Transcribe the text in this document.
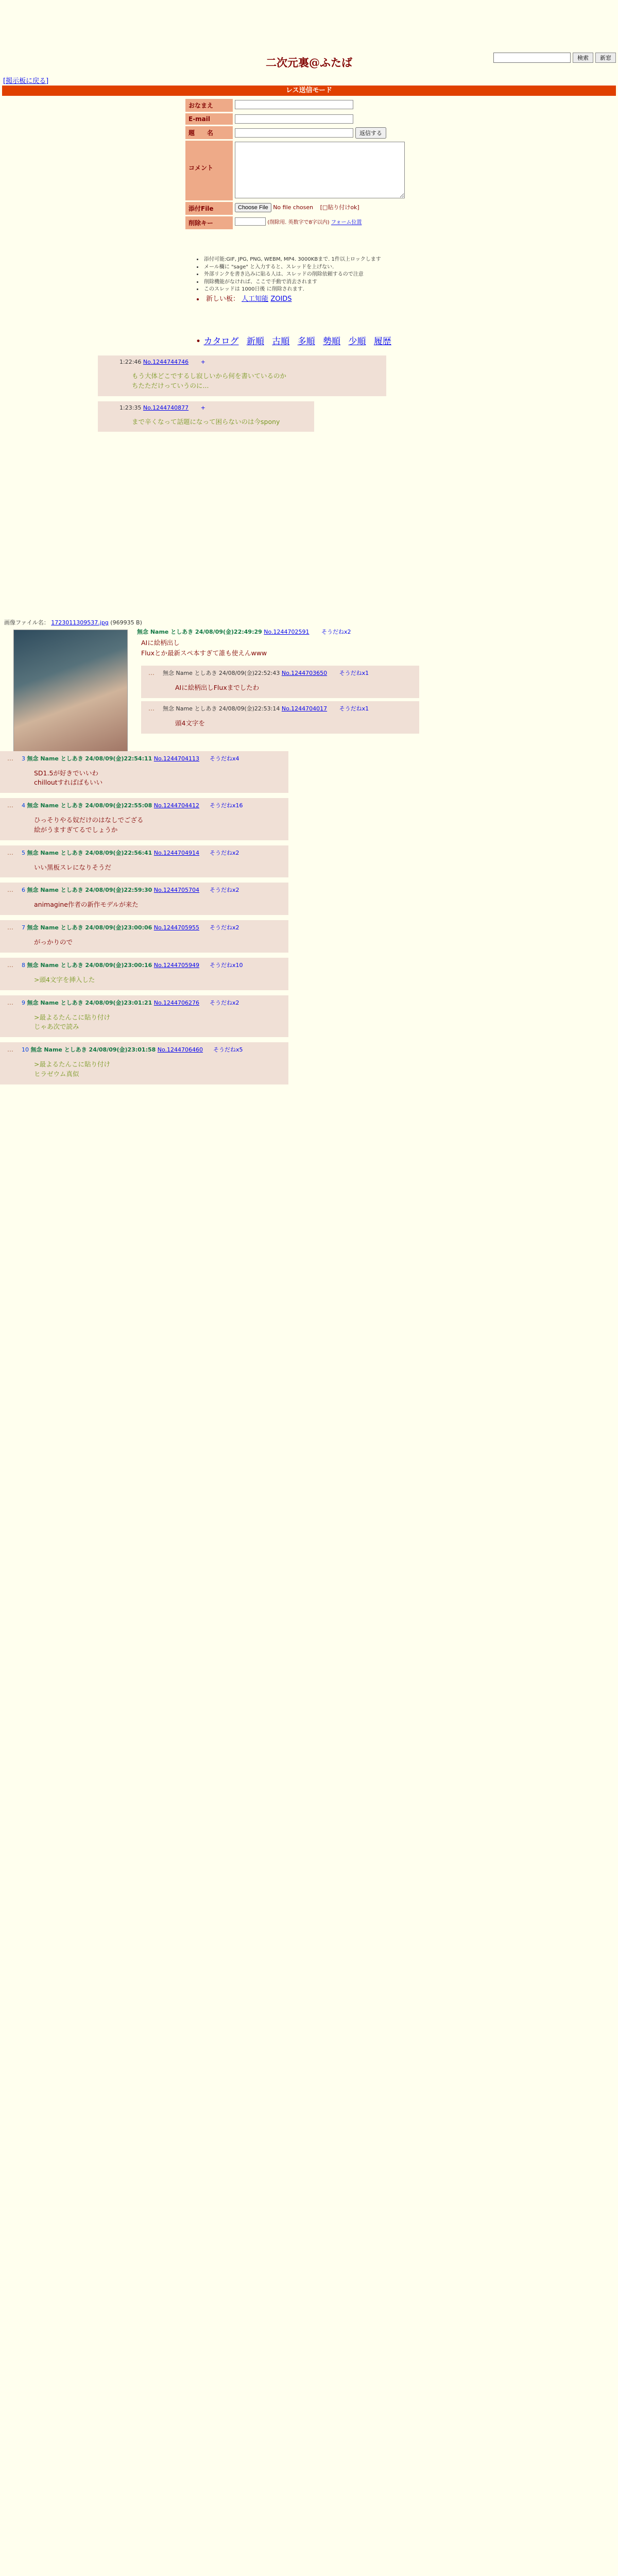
検索	新窓
二次元裏@ふたば
[掲示板に戻る]
レス送信モード
おなまえ
E-mail
題　　名	返信する
コメント
添付File	Choose File No file chosen [□貼り付けok]
削除キー	(削除用. 英数字で8字以内) フォーム位置
• 添付可能:GIF, JPG, PNG, WEBM, MP4. 3000KBまで. 1件以上ロックします
• メール欄に "sage" と入力すると、スレッドを上げない.
• 外部リンクを書き込みに貼る人は、スレッドの削除依頼するので注意
• 削除機能がなければ、ここで手動で消去されます
• このスレッドは 1000日後 に削除されます.
• 新しい板： 人工知能 ZOIDS
• カタログ 新順 古順 多順 勢順 少順 履歴
1:22:46 No.1244744746 +
もう大体どこでするし寂しいから何を書いているのか
ちたただけっていうのに...
1:23:35 No.1244740877 +
まで辛くなって話題になって困らないのは今spony
画像ファイル名： 1723011309537.jpg (969935 B)
無念 Name としあき 24/08/09(金)22:49:29 No.1244702591 そうだねx2
AIに絵柄出し
Fluxとか最新スペ本すぎて誰も使えんwww
… 無念 Name としあき 24/08/09(金)22:52:43 No.1244703650 そうだねx1
AIに絵柄出しFluxまでしたわ
… 無念 Name としあき 24/08/09(金)22:53:14 No.1244704017 そうだねx1
頭4文字を
… 3 無念 Name としあき 24/08/09(金)22:54:11 No.1244704113 そうだねx4
SD1.5が好きでいいわ
chilloutすればばもいい
… 4 無念 Name としあき 24/08/09(金)22:55:08 No.1244704412 そうだねx16
ひっそりやる奴だけのはなしでござる
絵がうますぎてるでしょうか
… 5 無念 Name としあき 24/08/09(金)22:56:41 No.1244704914 そうだねx2
いい黒板スレになりそうだ
… 6 無念 Name としあき 24/08/09(金)22:59:30 No.1244705704 そうだねx2
animagine作者の新作モデルが来た
… 7 無念 Name としあき 24/08/09(金)23:00:06 No.1244705955 そうだねx2
がっかりので
… 8 無念 Name としあき 24/08/09(金)23:00:16 No.1244705949 そうだねx10
>頭4文字を挿入した
… 9 無念 Name としあき 24/08/09(金)23:01:21 No.1244706276 そうだねx2
>最よるたんこに貼り付け
じゃあ次で読み
… 10 無念 Name としあき 24/08/09(金)23:01:58 No.1244706460 そうだねx5
>最よるたんこに貼り付け
ヒラゼウム真似
